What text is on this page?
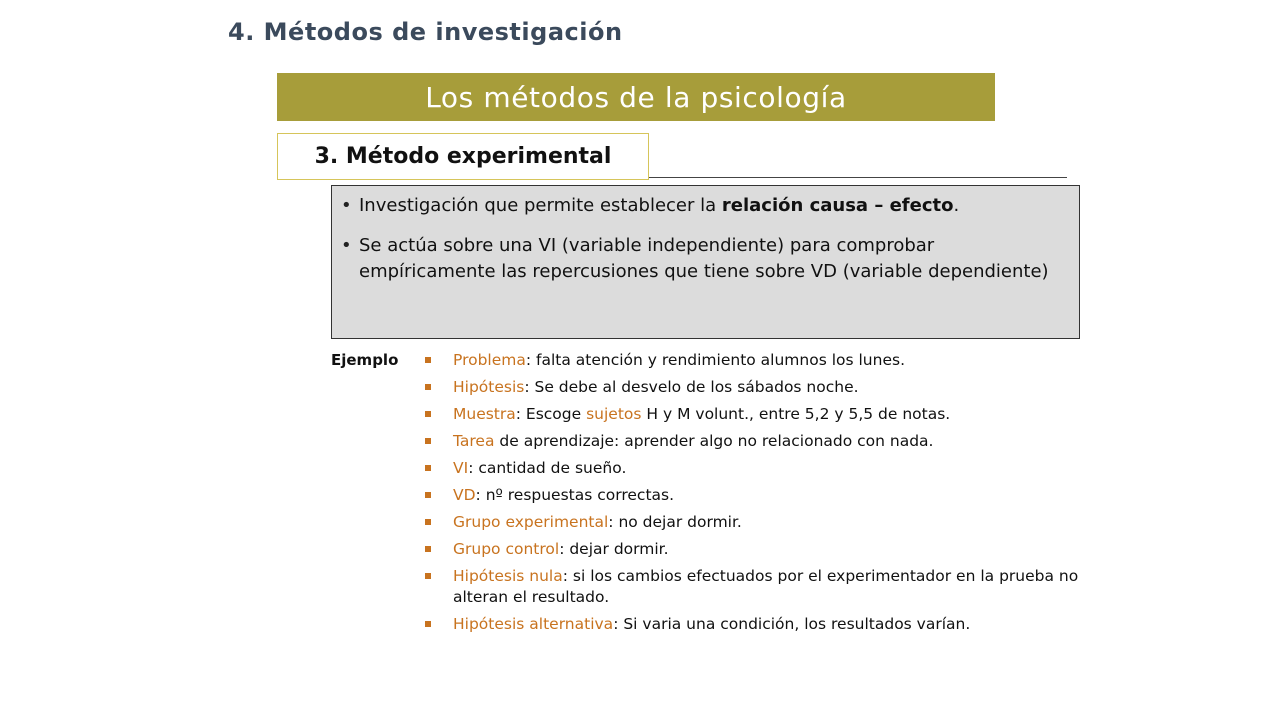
4. Métodos de investigación
Los métodos de la psicología
3. Método experimental
• Investigación que permite establecer la relación causa – efecto.
• Se actúa sobre una VI (variable independiente) para comprobar empíricamente las repercusiones que tiene sobre VD (variable dependiente)
Ejemplo	Problema: falta atención y rendimiento alumnos los lunes.
Hipótesis: Se debe al desvelo de los sábados noche.
Muestra: Escoge sujetos H y M volunt., entre 5,2 y 5,5 de notas.
Tarea de aprendizaje: aprender algo no relacionado con nada.
VI: cantidad de sueño.
VD: nº respuestas correctas.
Grupo experimental: no dejar dormir.
Grupo control: dejar dormir.
Hipótesis nula: si los cambios efectuados por el experimentador en la prueba no alteran el resultado.
Hipótesis alternativa: Si varia una condición, los resultados varían.
